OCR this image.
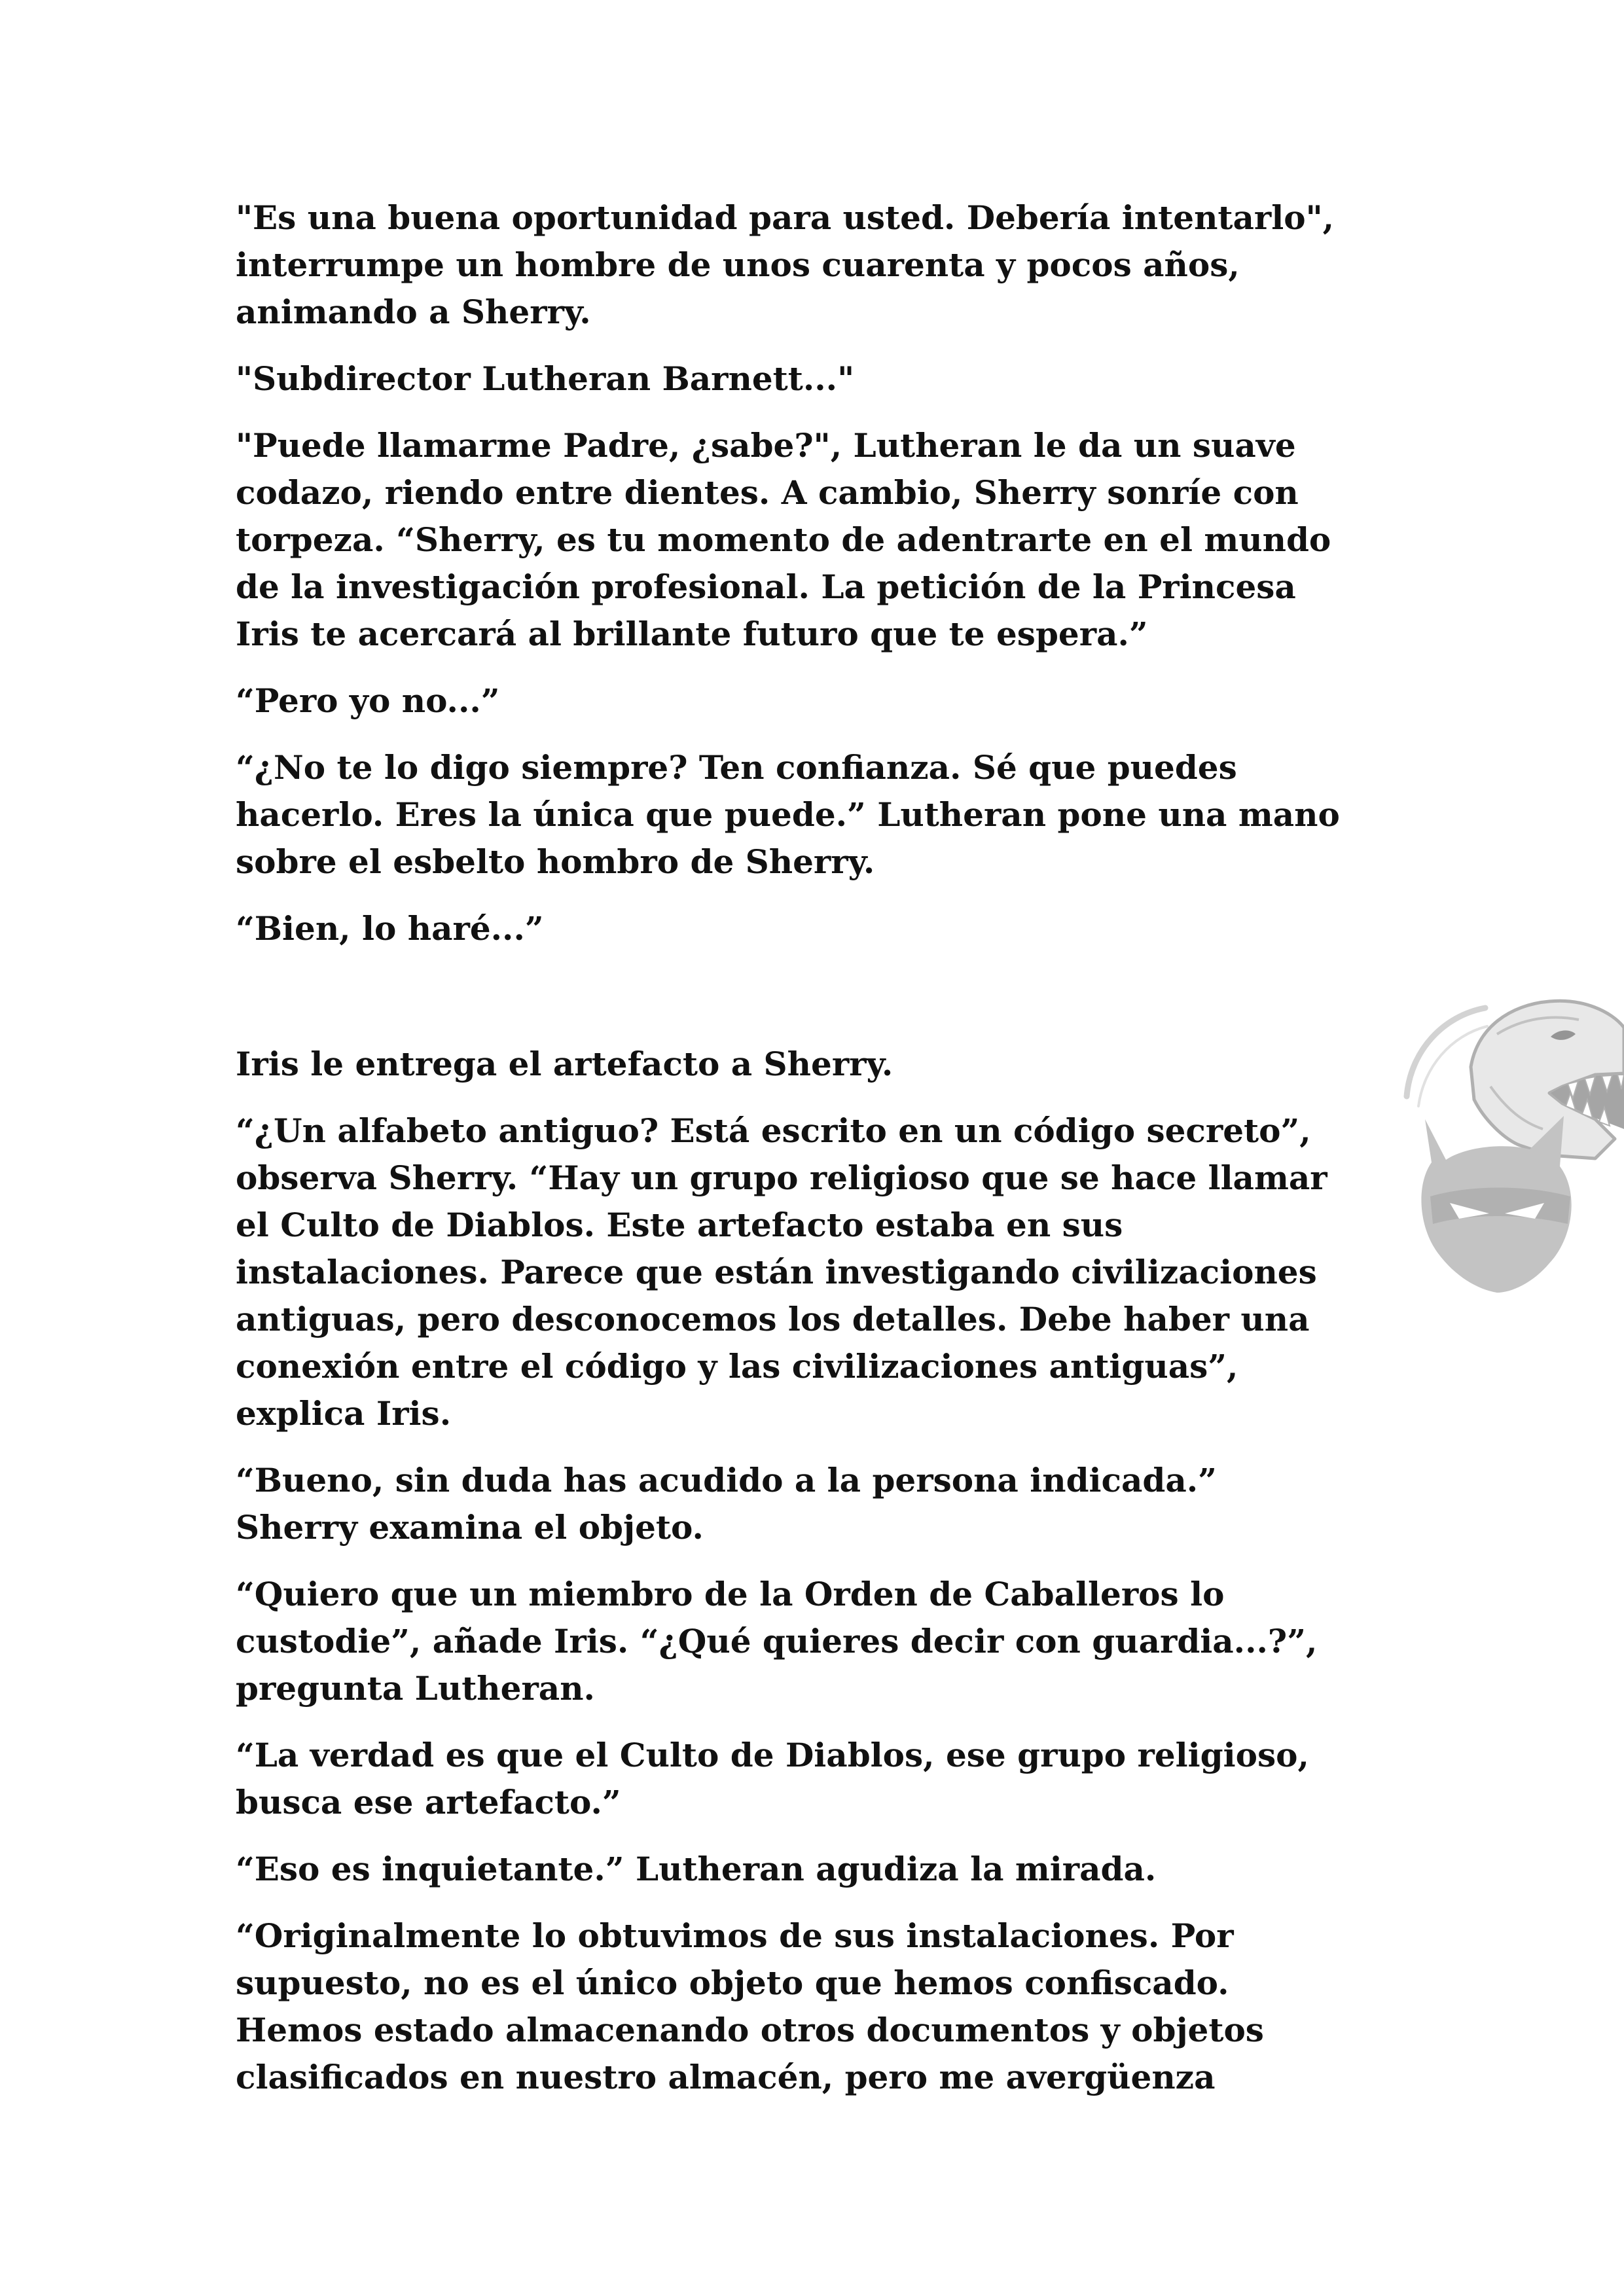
"Es una buena oportunidad para usted. Debería intentarlo",
interrumpe un hombre de unos cuarenta y pocos años,
animando a Sherry.

"Subdirector Lutheran Barnett..."

"Puede llamarme Padre, ¿sabe?", Lutheran le da un suave
codazo, riendo entre dientes. A cambio, Sherry sonríe con
torpeza. “Sherry, es tu momento de adentrarte en el mundo
de la investigación profesional. La petición de la Princesa
Iris te acercará al brillante futuro que te espera.”

“Pero yo no...”

“¿No te lo digo siempre? Ten confianza. Sé que puedes
hacerlo. Eres la única que puede.” Lutheran pone una mano
sobre el esbelto hombro de Sherry.

“Bien, lo haré...”

Iris le entrega el artefacto a Sherry.

“¿Un alfabeto antiguo? Está escrito en un código secreto”,
observa Sherry. “Hay un grupo religioso que se hace llamar
el Culto de Diablos. Este artefacto estaba en sus
instalaciones. Parece que están investigando civilizaciones
antiguas, pero desconocemos los detalles. Debe haber una
conexión entre el código y las civilizaciones antiguas”,
explica Iris.

“Bueno, sin duda has acudido a la persona indicada.”
Sherry examina el objeto.

“Quiero que un miembro de la Orden de Caballeros lo
custodie”, añade Iris. “¿Qué quieres decir con guardia...?”,
pregunta Lutheran.

“La verdad es que el Culto de Diablos, ese grupo religioso,
busca ese artefacto.”

“Eso es inquietante.” Lutheran agudiza la mirada.

“Originalmente lo obtuvimos de sus instalaciones. Por
supuesto, no es el único objeto que hemos confiscado.
Hemos estado almacenando otros documentos y objetos
clasificados en nuestro almacén, pero me avergüenza
